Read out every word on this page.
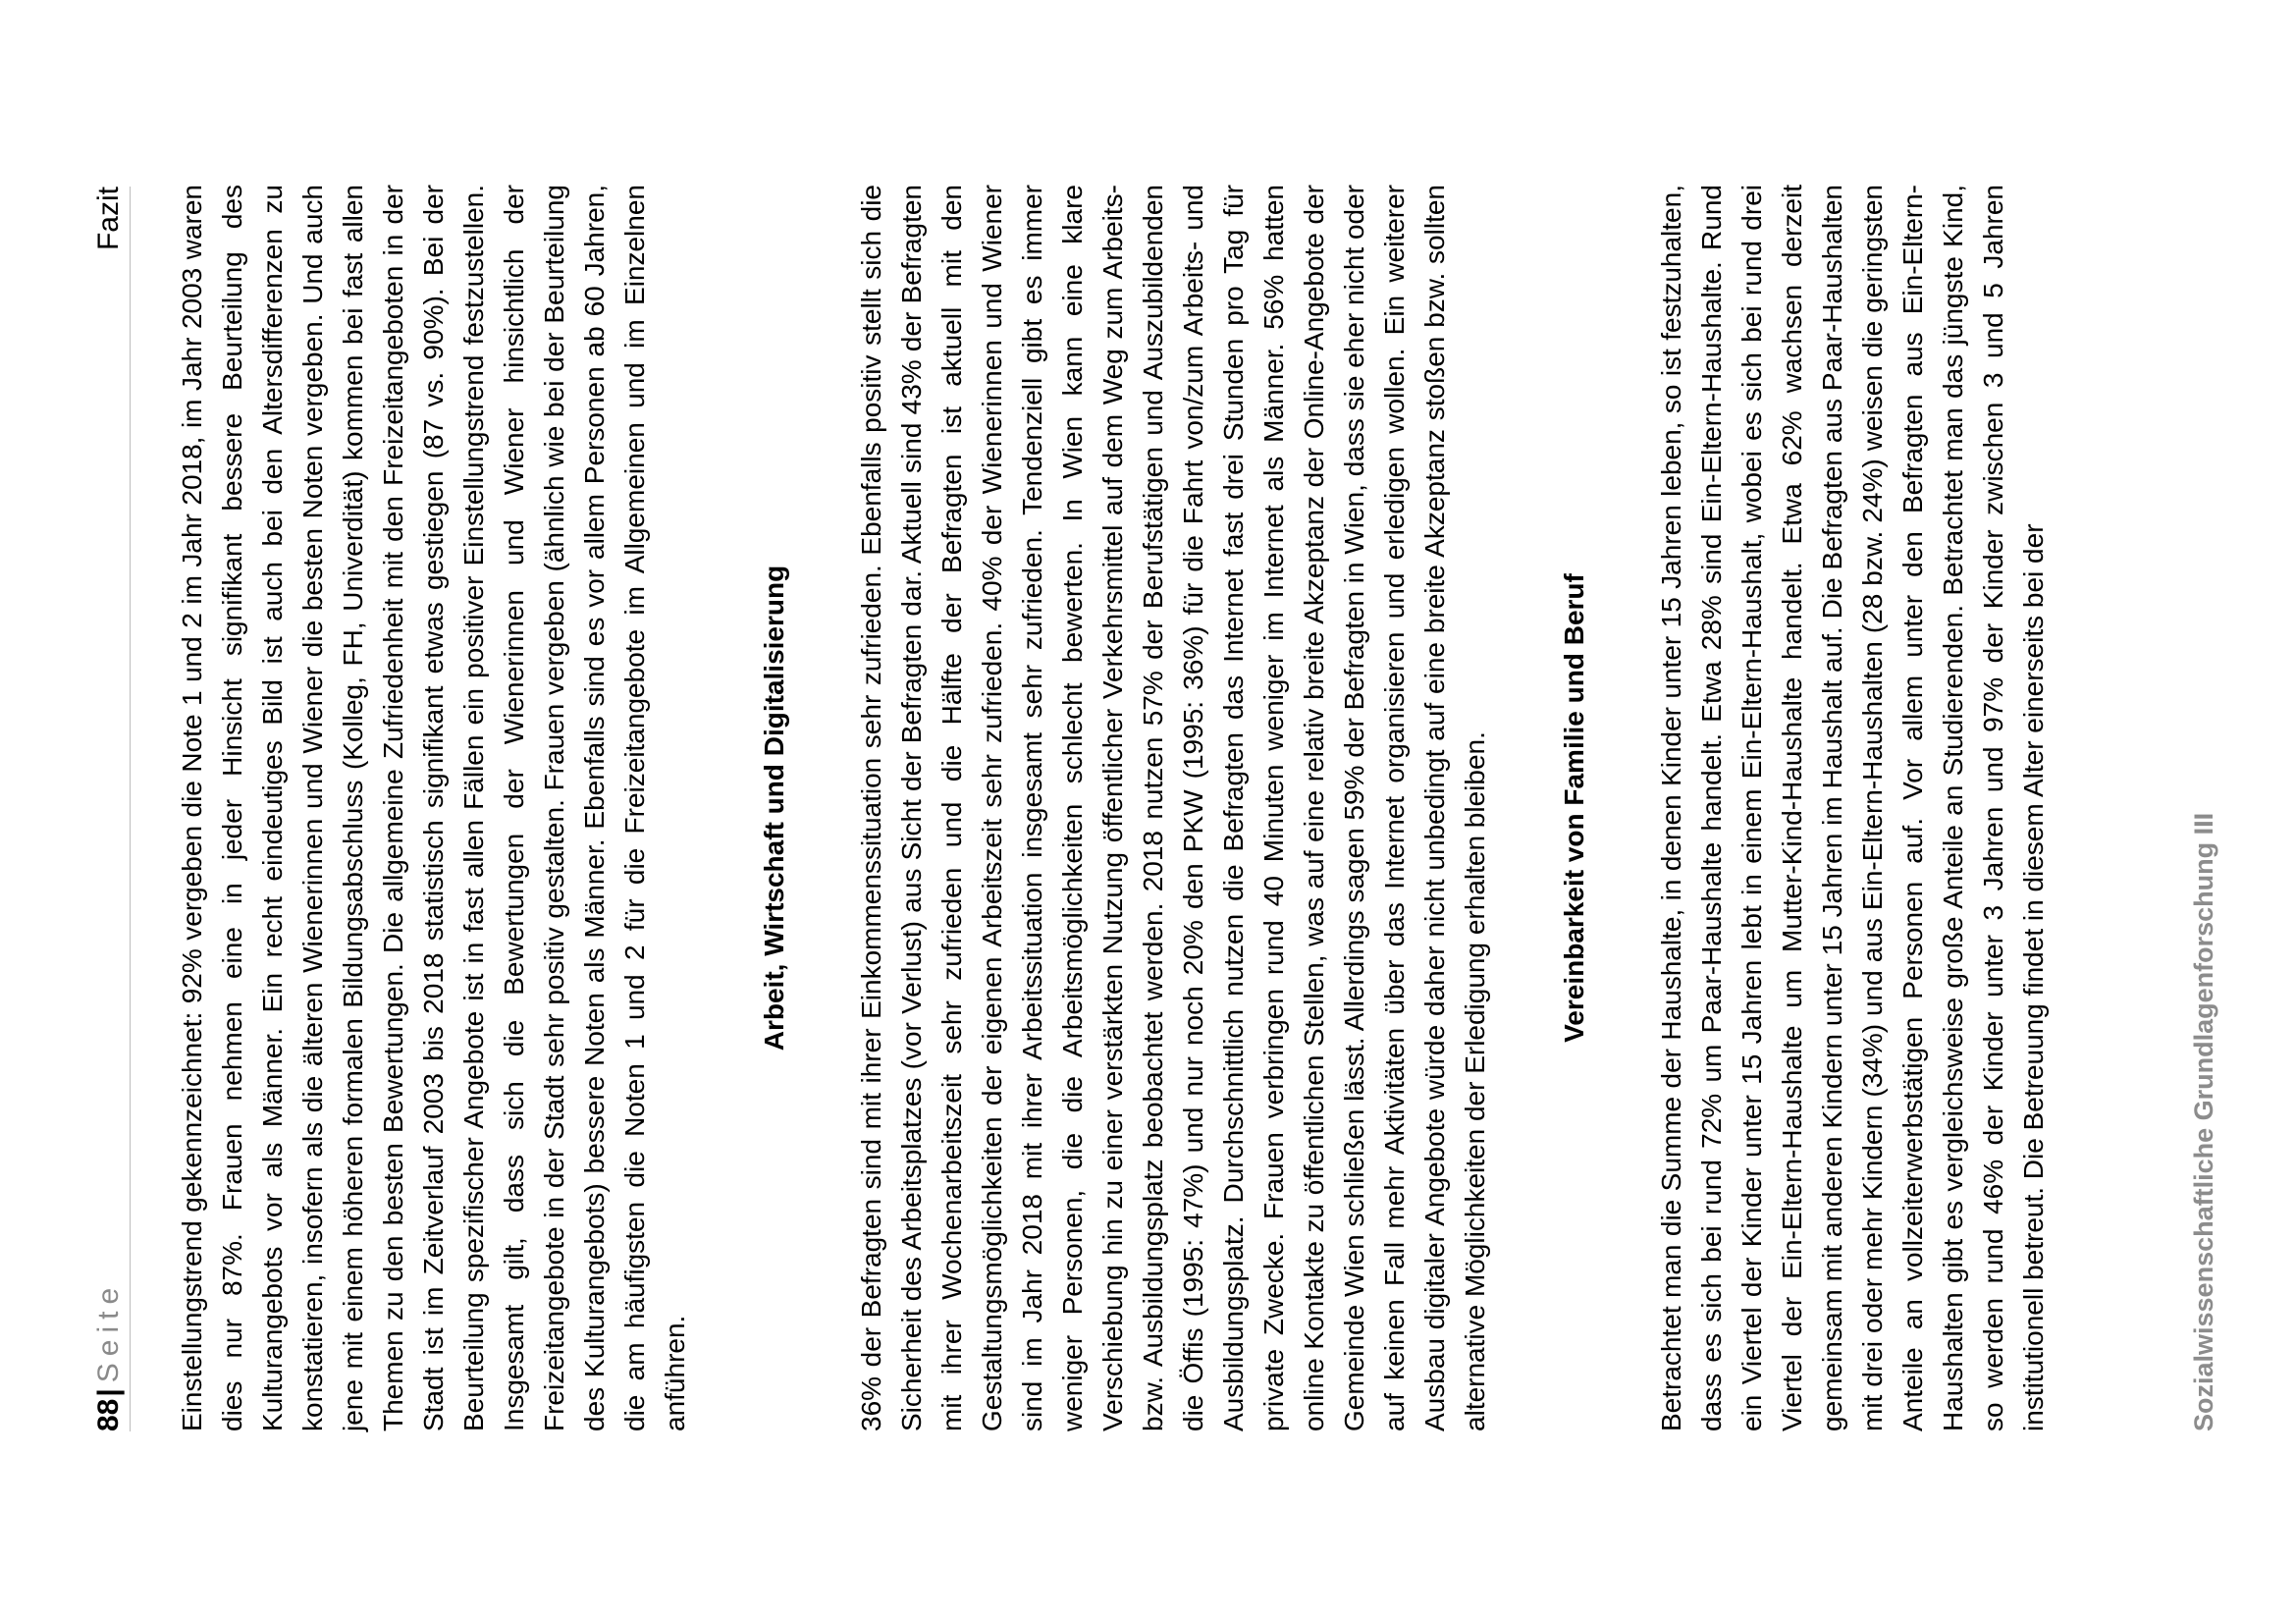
88|Seite
Fazit Einstellungstrend gekennzeichnet: 92% vergeben die Note 1 und 2 im Jahr 2018, im Jahr 2003 waren dies nur 87%. Frauen nehmen eine in jeder Hinsicht signifikant bessere Beurteilung des Kulturangebots vor als Männer. Ein recht eindeutiges Bild ist auch bei den Altersdifferenzen zu konstatieren, insofern als die älteren Wienerinnen und Wiener die besten Noten vergeben. Und auch jene mit einem höheren formalen Bildungsabschluss (Kolleg, FH, Univerdität) kommen bei fast allen Themen zu den besten Bewertungen. Die allgemeine Zufriedenheit mit den Freizeitangeboten in der Stadt ist im Zeitverlauf 2003 bis 2018 statistisch signifikant etwas gestiegen (87 vs. 90%). Bei der Beurteilung spezifischer Angebote ist in fast allen Fällen ein positiver Einstellungstrend festzustellen. Insgesamt gilt, dass sich die Bewertungen der Wienerinnen und Wiener hinsichtlich der Freizeitangebote in der Stadt sehr positiv gestalten. Frauen vergeben (ähnlich wie bei der Beurteilung des Kulturangebots) bessere Noten als Männer. Ebenfalls sind es vor allem Personen ab 60 Jahren, die am häufigsten die Noten 1 und 2 für die Freizeitangebote im Allgemeinen und im Einzelnen anführen.

Arbeit, Wirtschaft und Digitalisierung 36% der Befragten sind mit ihrer Einkommenssituation sehr zufrieden. Ebenfalls positiv stellt sich die Sicherheit des Arbeitsplatzes (vor Verlust) aus Sicht der Befragten dar. Aktuell sind 43% der Befragten mit ihrer Wochenarbeitszeit sehr zufrieden und die Hälfte der Befragten ist aktuell mit den Gestaltungsmöglichkeiten der eigenen Arbeitszeit sehr zufrieden. 40% der Wienerinnen und Wiener sind im Jahr 2018 mit ihrer Arbeitssituation insgesamt sehr zufrieden. Tendenziell gibt es immer weniger Personen, die die Arbeitsmöglichkeiten schlecht bewerten. In Wien kann eine klare Verschiebung hin zu einer verstärkten Nutzung öffentlicher Verkehrsmittel auf dem Weg zum Arbeits- bzw. Ausbildungsplatz beobachtet werden. 2018 nutzen 57% der Berufstätigen und Auszubildenden die Öffis (1995: 47%) und nur noch 20% den PKW (1995: 36%) für die Fahrt von/zum Arbeits- und Ausbildungsplatz. Durchschnittlich nutzen die Befragten das Internet fast drei Stunden pro Tag für private Zwecke. Frauen verbringen rund 40 Minuten weniger im Internet als Männer. 56% hatten online Kontakte zu öffentlichen Stellen, was auf eine relativ breite Akzeptanz der Online-Angebote der Gemeinde Wien schließen lässt. Allerdings sagen 59% der Befragten in Wien, dass sie eher nicht oder auf keinen Fall mehr Aktivitäten über das Internet organisieren und erledigen wollen. Ein weiterer Ausbau digitaler Angebote würde daher nicht unbedingt auf eine breite Akzeptanz stoßen bzw. sollten alternative Möglichkeiten der Erledigung erhalten bleiben.	Vereinbarkeit von Familie und Beruf Betrachtet man die Summe der Haushalte, in denen Kinder unter 15 Jahren leben, so ist festzuhalten, dass es sich bei rund 72% um Paar-Haushalte handelt. Etwa 28% sind Ein-Eltern-Haushalte. Rund ein Viertel der Kinder unter 15 Jahren lebt in einem Ein-Eltern-Haushalt, wobei es sich bei rund drei Viertel der Ein-Eltern-Haushalte um Mutter-Kind-Haushalte handelt. Etwa 62% wachsen derzeit gemeinsam mit anderen Kindern unter 15 Jahren im Haushalt auf. Die Befragten aus Paar-Haushalten mit drei oder mehr Kindern (34%) und aus Ein-Eltern-Haushalten (28 bzw. 24%) weisen die geringsten Anteile an vollzeiterwerbstätigen Personen auf. Vor allem unter den Befragten aus Ein-Eltern-Haushalten gibt es vergleichsweise große Anteile an Studierenden. Betrachtet man das jüngste Kind, so werden rund 46% der Kinder unter 3 Jahren und 97% der Kinder zwischen 3 und 5 Jahren institutionell betreut. Die Betreuung findet in diesem Alter einerseits bei der	Sozialwissenschaftliche Grundlagenforschung III
